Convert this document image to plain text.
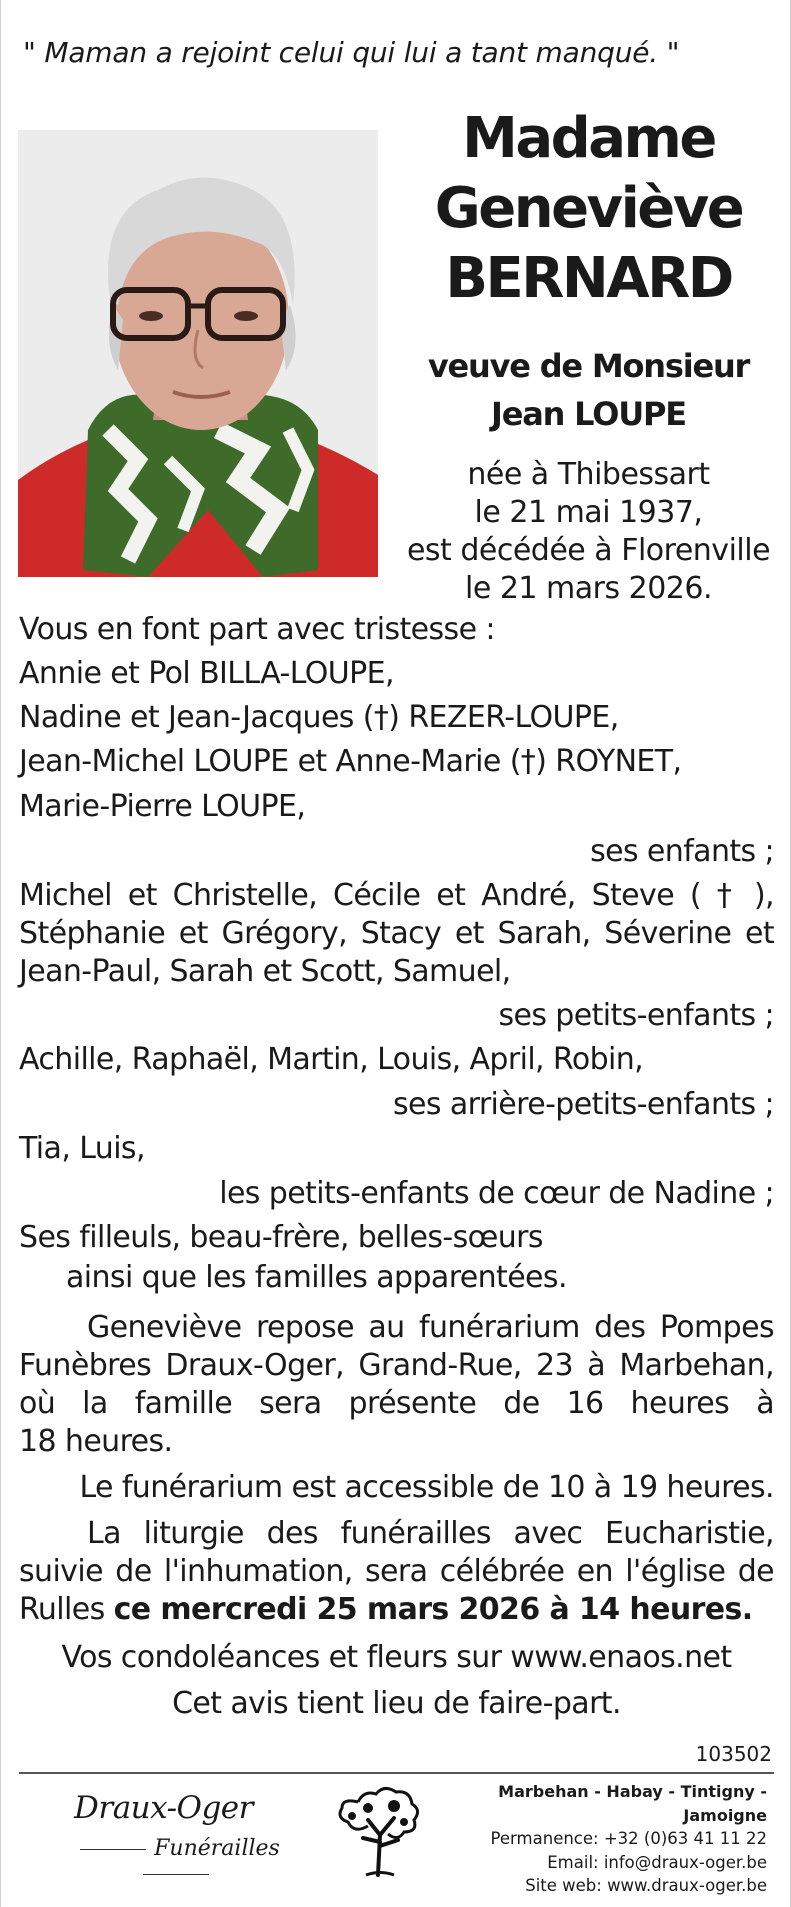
" Maman a rejoint celui qui lui a tant manqué. "
Madame
Geneviève
BERNARD
veuve de Monsieur
Jean LOUPE
née à Thibessart
le 21 mai 1937,
est décédée à Florenville
le 21 mars 2026.
Vous en font part avec tristesse :
Annie et Pol BILLA-LOUPE,
Nadine et Jean-Jacques (†) REZER-LOUPE,
Jean-Michel LOUPE et Anne-Marie (†) ROYNET,
Marie-Pierre LOUPE,
ses enfants ;
Michel et Christelle, Cécile et André, Steve ( † ),
Stéphanie et Grégory, Stacy et Sarah, Séverine et
Jean-Paul, Sarah et Scott, Samuel,
ses petits-enfants ;
Achille, Raphaël, Martin, Louis, April, Robin,
ses arrière-petits-enfants ;
Tia, Luis,
les petits-enfants de cœur de Nadine ;
Ses filleuls, beau-frère, belles-sœurs
ainsi que les familles apparentées.
Geneviève repose au funérarium des Pompes
Funèbres Draux-Oger, Grand-Rue, 23 à Marbehan,
où la famille sera présente de 16 heures à
18 heures.
Le funérarium est accessible de 10 à 19 heures.
La liturgie des funérailles avec Eucharistie,
suivie de l'inhumation, sera célébrée en l'église de
Rulles ce mercredi 25 mars 2026 à 14 heures.
Vos condoléances et fleurs sur www.enaos.net
Cet avis tient lieu de faire-part.
103502
Draux-Oger
Funérailles
Marbehan - Habay - Tintigny - Jamoigne
Permanence: +32 (0)63 41 11 22
Email: info@draux-oger.be
Site web: www.draux-oger.be
